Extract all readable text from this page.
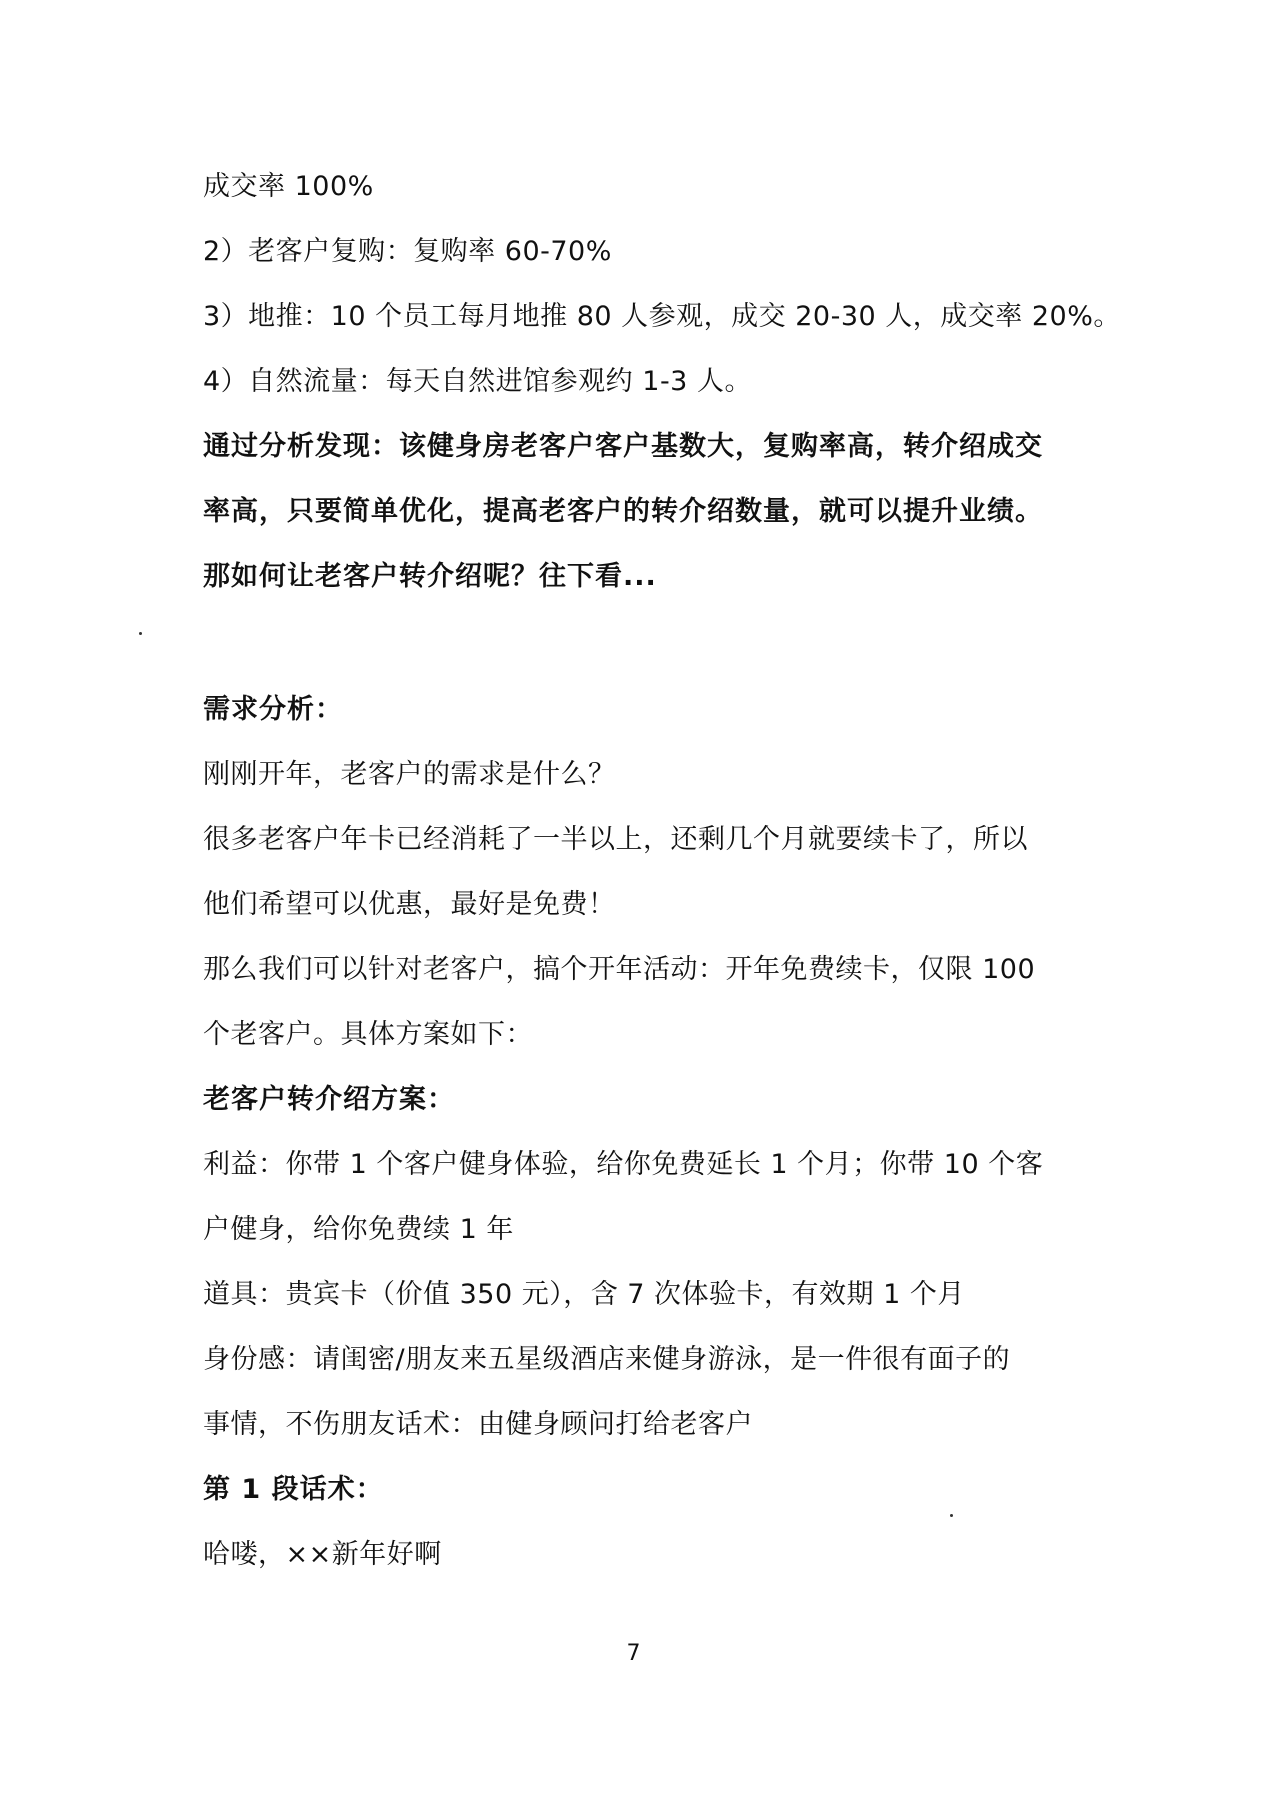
成交率 100%
2）老客户复购：复购率 60-70%
3）地推：10 个员工每月地推 80 人参观，成交 20-30 人，成交率 20%。
4）自然流量：每天自然进馆参观约 1-3 人。
通过分析发现：该健身房老客户客户基数大，复购率高，转介绍成交
率高，只要简单优化，提高老客户的转介绍数量，就可以提升业绩。
那如何让老客户转介绍呢？往下看...
需求分析：
刚刚开年，老客户的需求是什么？
很多老客户年卡已经消耗了一半以上，还剩几个月就要续卡了，所以
他们希望可以优惠，最好是免费！
那么我们可以针对老客户，搞个开年活动：开年免费续卡，仅限 100
个老客户。具体方案如下：
老客户转介绍方案：
利益：你带 1 个客户健身体验，给你免费延长 1 个月；你带 10 个客
户健身，给你免费续 1 年
道具：贵宾卡（价值 350 元），含 7 次体验卡，有效期 1 个月
身份感：请闺密/朋友来五星级酒店来健身游泳，是一件很有面子的
事情，不伤朋友话术：由健身顾问打给老客户
第 1 段话术：
哈喽，××新年好啊
7
